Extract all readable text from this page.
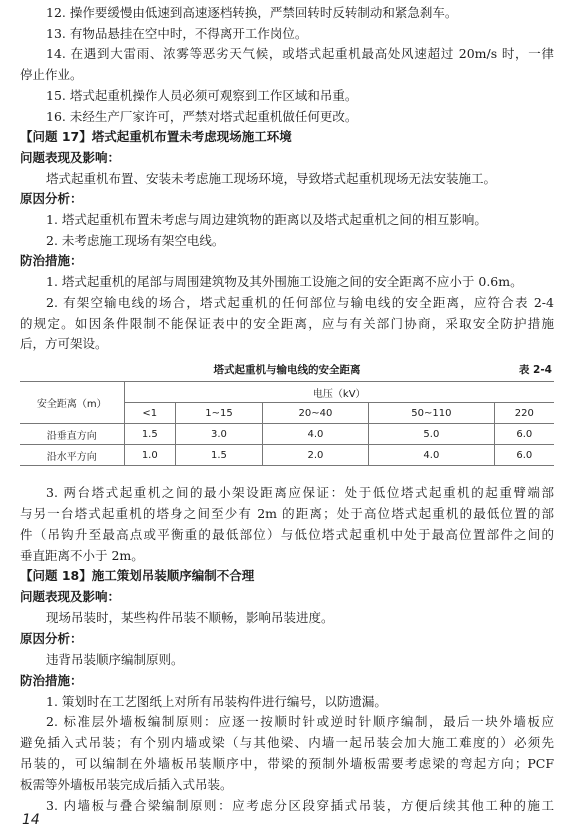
12. 操作要缓慢由低速到高速逐档转换，严禁回转时反转制动和紧急刹车。
13. 有物品悬挂在空中时，不得离开工作岗位。
14. 在遇到大雷雨、浓雾等恶劣天气候，或塔式起重机最高处风速超过 20m/s 时，一律
停止作业。
15. 塔式起重机操作人员必须可观察到工作区域和吊重。
16. 未经生产厂家许可，严禁对塔式起重机做任何更改。
【问题 17】塔式起重机布置未考虑现场施工环境
问题表现及影响：
塔式起重机布置、安装未考虑施工现场环境，导致塔式起重机现场无法安装施工。
原因分析：
1. 塔式起重机布置未考虑与周边建筑物的距离以及塔式起重机之间的相互影响。
2. 未考虑施工现场有架空电线。
防治措施：
1. 塔式起重机的尾部与周围建筑物及其外围施工设施之间的安全距离不应小于 0.6m。
2. 有架空输电线的场合，塔式起重机的任何部位与输电线的安全距离，应符合表 2-4
的规定。如因条件限制不能保证表中的安全距离，应与有关部门协商，采取安全防护措施
后，方可架设。
塔式起重机与输电线的安全距离	表 2-4
安全距离（m）	电压（kV）				
	<1	1~15	20~40	50~110	220
沿垂直方向	1.5	3.0	4.0	5.0	6.0
沿水平方向	1.0	1.5	2.0	4.0	6.0
3. 两台塔式起重机之间的最小架设距离应保证：处于低位塔式起重机的起重臂端部
与另一台塔式起重机的塔身之间至少有 2m 的距离；处于高位塔式起重机的最低位置的部
件（吊钩升至最高点或平衡重的最低部位）与低位塔式起重机中处于最高位置部件之间的
垂直距离不小于 2m。
【问题 18】施工策划吊装顺序编制不合理
问题表现及影响：
现场吊装时，某些构件吊装不顺畅，影响吊装进度。
原因分析：
违背吊装顺序编制原则。
防治措施：
1. 策划时在工艺图纸上对所有吊装构件进行编号，以防遗漏。
2. 标准层外墙板编制原则：应逐一按顺时针或逆时针顺序编制，最后一块外墙板应
避免插入式吊装；有个别内墙或梁（与其他梁、内墙一起吊装会加大施工难度的）必须先
吊装的，可以编制在外墙板吊装顺序中，带梁的预制外墙板需要考虑梁的弯起方向；PCF
板需等外墙板吊装完成后插入式吊装。
3. 内墙板与叠合梁编制原则：应考虑分区段穿插式吊装，方便后续其他工种的施工
14
